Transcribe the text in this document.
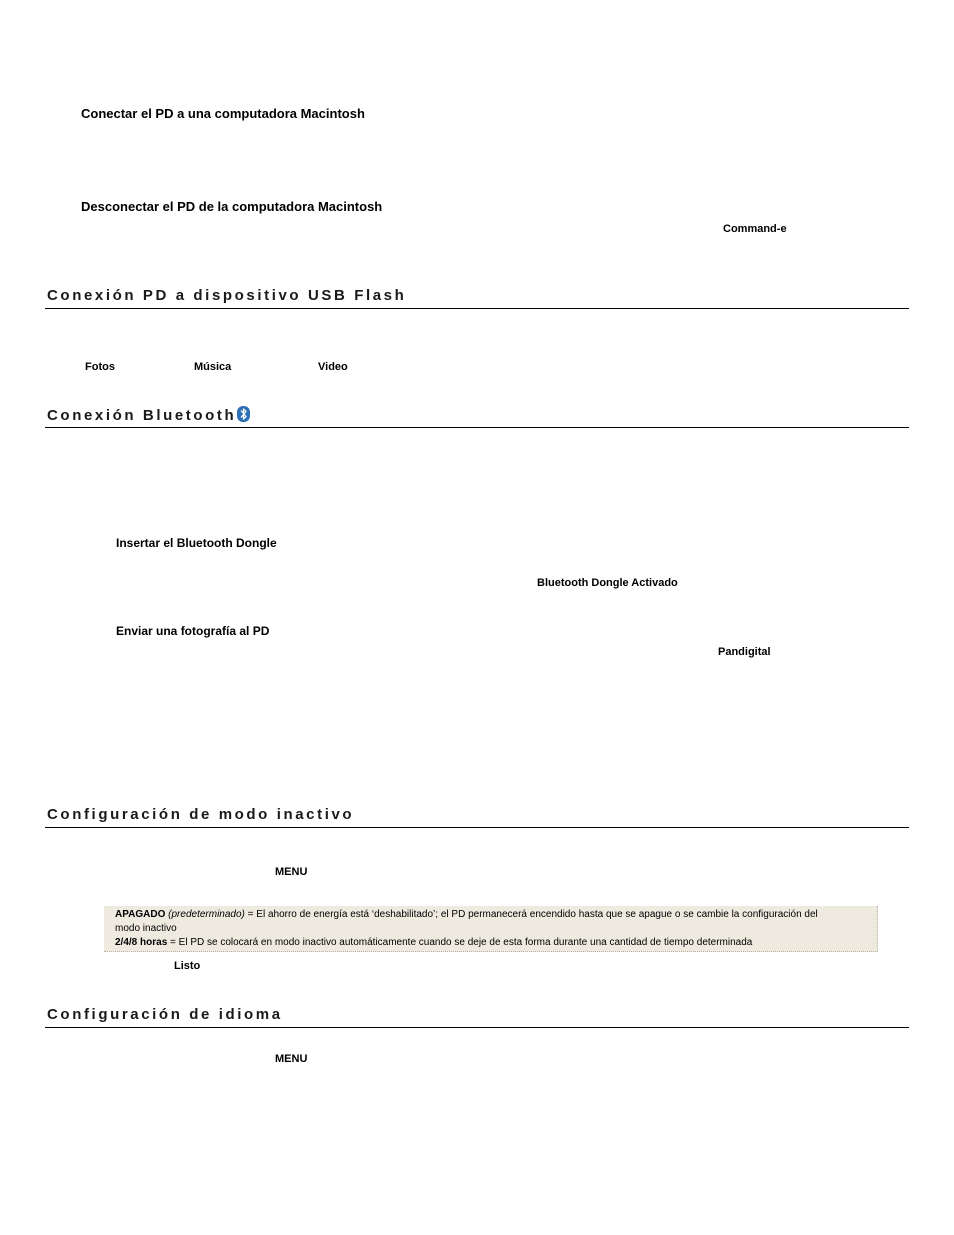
Conectar el PD a una computadora Macintosh
Desconectar el PD de la computadora Macintosh
Command-e
Conexión PD a dispositivo USB Flash
Fotos	Música	Video
Conexión Bluetooth
Insertar el Bluetooth Dongle
Bluetooth Dongle Activado
Enviar una fotografía al PD
Pandigital
Configuración de modo inactivo
MENU
APAGADO (predeterminado) = El ahorro de energía está ‘deshabilitado’; el PD permanecerá encendido hasta que se apague o se cambie la configuración del
modo inactivo
2/4/8 horas = El PD se colocará en modo inactivo automáticamente cuando se deje de esta forma durante una cantidad de tiempo determinada
Listo
Configuración de idioma
MENU
